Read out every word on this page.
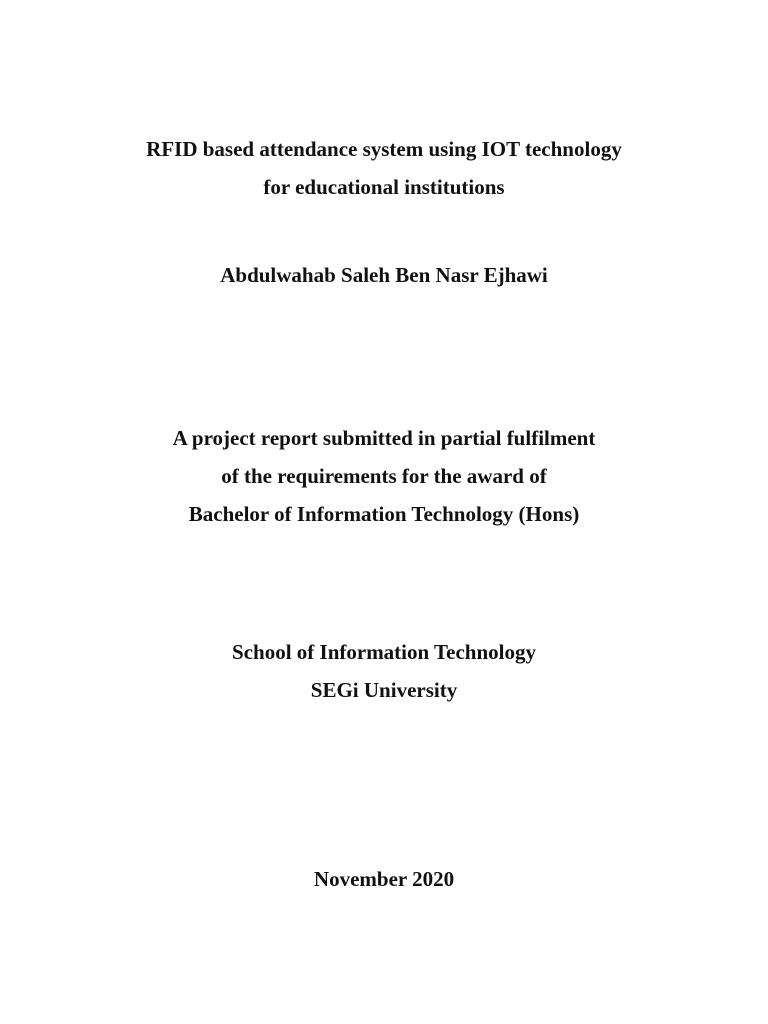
RFID based attendance system using IOT technology
for educational institutions
Abdulwahab Saleh Ben Nasr Ejhawi
A project report submitted in partial fulfilment
of the requirements for the award of
Bachelor of Information Technology (Hons)
School of Information Technology
SEGi University
November 2020
